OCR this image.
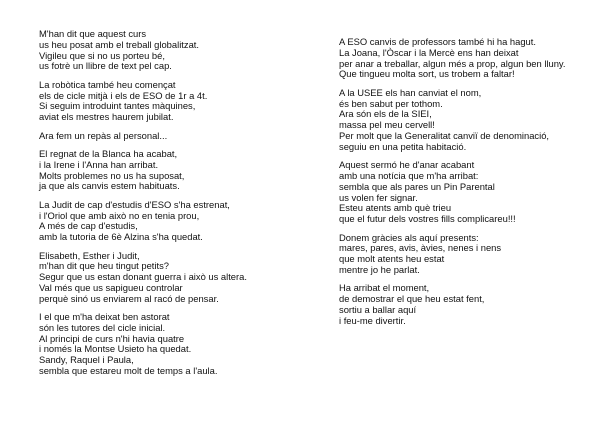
M'han dit que aquest curs
us heu posat amb el treball globalitzat.
Vigileu que si no us porteu bé,
us fotrè un llibre de text pel cap.
La robòtica també heu començat
els de cicle mitjà i els de ESO de 1r a 4t.
Si seguim introduint tantes màquines,
aviat els mestres haurem jubilat.
Ara fem un repàs al personal...
El regnat de la Blanca ha acabat,
i la Irene i l'Anna han arribat.
Molts problemes no us ha suposat,
ja que als canvis estem habituats.
La Judit de cap d'estudis d'ESO s'ha estrenat,
i l'Oriol que amb això no en tenia prou,
A més de cap d'estudis,
amb la tutoria de 6è Alzina s'ha quedat.
Elisabeth, Esther i Judit,
m'han dit que heu tingut petits?
Segur que us estan donant guerra i això us altera.
Val més que us sapigueu controlar
perquè sinó us enviarem al racó de pensar.
I el que m'ha deixat ben astorat
són les tutores del cicle inicial.
Al principi de curs n'hi havia quatre
i només la Montse Usieto ha quedat.
Sandy, Raquel i Paula,
sembla que estareu molt de temps a l'aula.
A ESO canvis de professors també hi ha hagut.
La Joana, l'Òscar i la Mercè ens han deixat
per anar a treballar, algun més a prop, algun ben lluny.
Que tingueu molta sort, us trobem a faltar!
A la USEE els han canviat el nom,
és ben sabut per tothom.
Ara són els de la SIEI,
massa pel meu cervell!
Per molt que la Generalitat canviï de denominació,
seguiu en una petita habitació.
Aquest sermó he d'anar acabant
amb una notícia que m'ha arribat:
sembla que als pares un Pin Parental
us volen fer signar.
Esteu atents amb què trieu
que el futur dels vostres fills complicareu!!!
Donem gràcies als aquí presents:
mares, pares, avis, àvies, nenes i nens
que molt atents heu estat
mentre jo he parlat.
Ha arribat el moment,
de demostrar el que heu estat fent,
sortiu a ballar aquí
i feu-me divertir.
